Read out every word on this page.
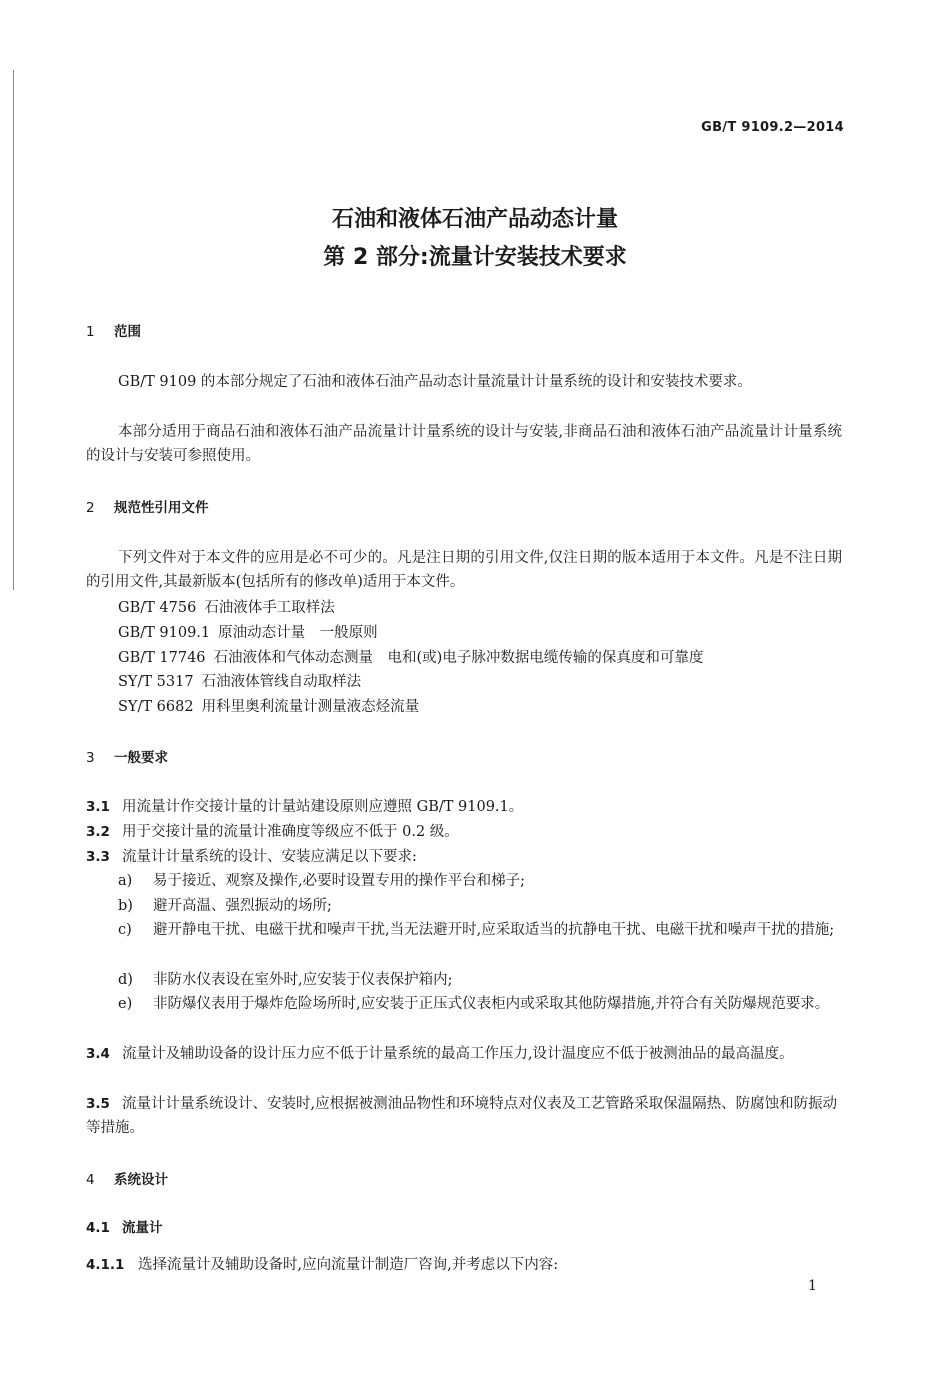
GB/T 9109.2—2014
石油和液体石油产品动态计量
第 2 部分:流量计安装技术要求
1 范围
GB/T 9109 的本部分规定了石油和液体石油产品动态计量流量计计量系统的设计和安装技术要求。
本部分适用于商品石油和液体石油产品流量计计量系统的设计与安装,非商品石油和液体石油产品流量计计量系统的设计与安装可参照使用。
2 规范性引用文件
下列文件对于本文件的应用是必不可少的。凡是注日期的引用文件,仅注日期的版本适用于本文件。凡是不注日期的引用文件,其最新版本(包括所有的修改单)适用于本文件。
GB/T 4756 石油液体手工取样法
GB/T 9109.1 原油动态计量　一般原则
GB/T 17746 石油液体和气体动态测量　电和(或)电子脉冲数据电缆传输的保真度和可靠度
SY/T 5317 石油液体管线自动取样法
SY/T 6682 用科里奥利流量计测量液态烃流量
3 一般要求
3.1 用流量计作交接计量的计量站建设原则应遵照 GB/T 9109.1。
3.2 用于交接计量的流量计准确度等级应不低于 0.2 级。
3.3 流量计计量系统的设计、安装应满足以下要求:
a) 易于接近、观察及操作,必要时设置专用的操作平台和梯子;
b) 避开高温、强烈振动的场所;
c) 避开静电干扰、电磁干扰和噪声干扰,当无法避开时,应采取适当的抗静电干扰、电磁干扰和噪声干扰的措施;
d) 非防水仪表设在室外时,应安装于仪表保护箱内;
e) 非防爆仪表用于爆炸危险场所时,应安装于正压式仪表柜内或采取其他防爆措施,并符合有关防爆规范要求。
3.4 流量计及辅助设备的设计压力应不低于计量系统的最高工作压力,设计温度应不低于被测油品的最高温度。
3.5 流量计计量系统设计、安装时,应根据被测油品物性和环境特点对仪表及工艺管路采取保温隔热、防腐蚀和防振动等措施。
4 系统设计
4.1 流量计
4.1.1 选择流量计及辅助设备时,应向流量计制造厂咨询,并考虑以下内容:
1
